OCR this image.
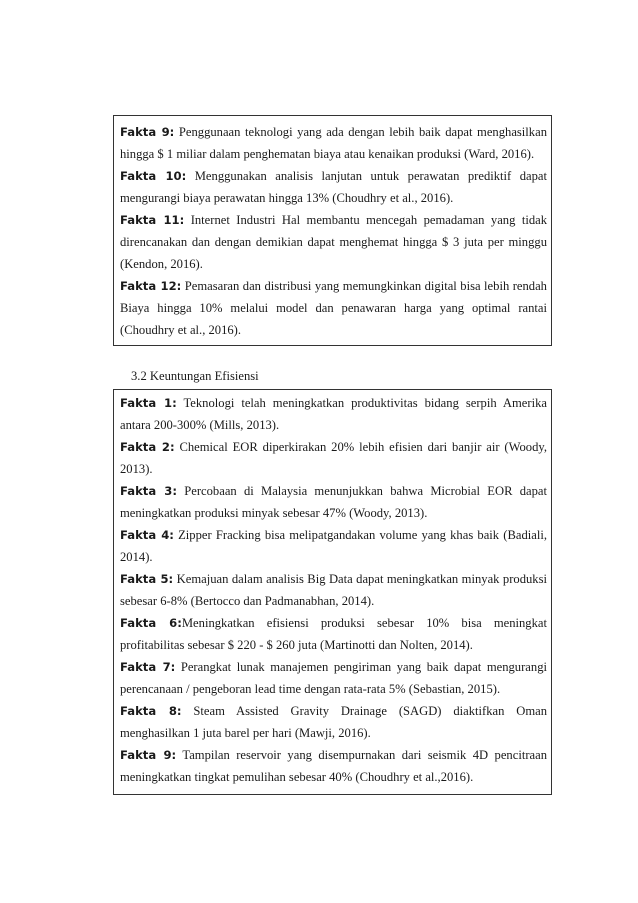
Fakta 9: Penggunaan teknologi yang ada dengan lebih baik dapat menghasilkan hingga $ 1 miliar dalam penghematan biaya atau kenaikan produksi (Ward, 2016).

Fakta 10: Menggunakan analisis lanjutan untuk perawatan prediktif dapat mengurangi biaya perawatan hingga 13% (Choudhry et al., 2016).

Fakta 11: Internet Industri Hal membantu mencegah pemadaman yang tidak direncanakan dan dengan demikian dapat menghemat hingga $ 3 juta per minggu (Kendon, 2016).

Fakta 12: Pemasaran dan distribusi yang memungkinkan digital bisa lebih rendah Biaya hingga 10% melalui model dan penawaran harga yang optimal rantai (Choudhry et al., 2016).

3.2 Keuntungan Efisiensi

Fakta 1: Teknologi telah meningkatkan produktivitas bidang serpih Amerika antara 200-300% (Mills, 2013).

Fakta 2: Chemical EOR diperkirakan 20% lebih efisien dari banjir air (Woody, 2013).

Fakta 3: Percobaan di Malaysia menunjukkan bahwa Microbial EOR dapat meningkatkan produksi minyak sebesar 47% (Woody, 2013).

Fakta 4: Zipper Fracking bisa melipatgandakan volume yang khas baik (Badiali, 2014).

Fakta 5: Kemajuan dalam analisis Big Data dapat meningkatkan minyak produksi sebesar 6-8% (Bertocco dan Padmanabhan, 2014).

Fakta 6:Meningkatkan efisiensi produksi sebesar 10% bisa meningkat profitabilitas sebesar $ 220 - $ 260 juta (Martinotti dan Nolten, 2014).

Fakta 7: Perangkat lunak manajemen pengiriman yang baik dapat mengurangi perencanaan / pengeboran lead time dengan rata-rata 5% (Sebastian, 2015).

Fakta 8: Steam Assisted Gravity Drainage (SAGD) diaktifkan Oman menghasilkan 1 juta barel per hari (Mawji, 2016).

Fakta 9: Tampilan reservoir yang disempurnakan dari seismik 4D pencitraan meningkatkan tingkat pemulihan sebesar 40% (Choudhry et al.,2016).
